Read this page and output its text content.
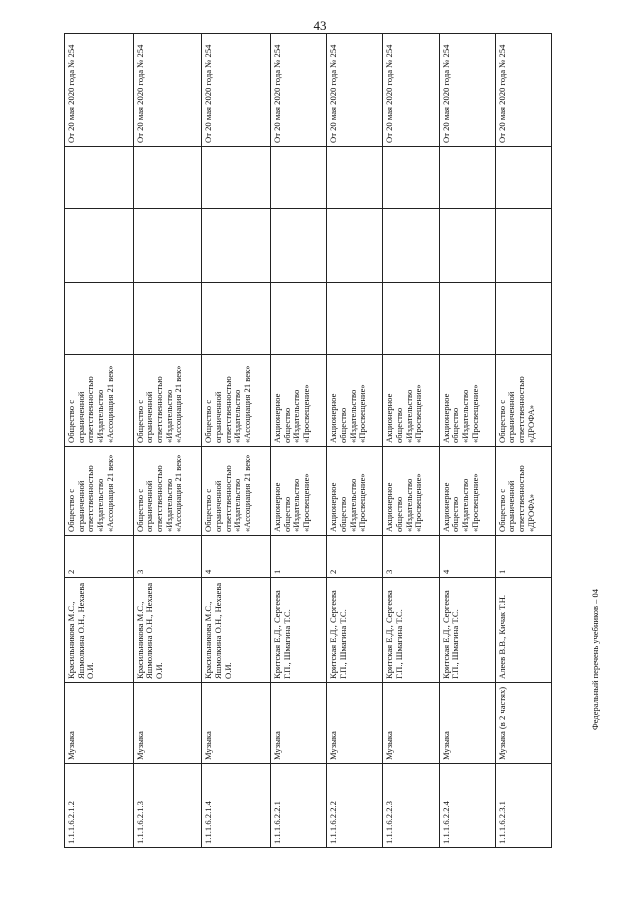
43
1.1.1.6.2.1.2	Музыка	Красильникова М.С., Яшмолкина О.Н., Нехаева О.И.	2	Общество с ограниченной ответственностью «Издательство «Ассоциация 21 век»	Общество с ограниченной ответственностью «Издательство «Ассоциация 21 век»				От 20 мая 2020 года № 254
1.1.1.6.2.1.3	Музыка	Красильникова М.С., Яшмолкина О.Н., Нехаева О.И.	3	Общество с ограниченной ответственностью «Издательство «Ассоциация 21 век»	Общество с ограниченной ответственностью «Издательство «Ассоциация 21 век»				От 20 мая 2020 года № 254
1.1.1.6.2.1.4	Музыка	Красильникова М.С., Яшмолкина О.Н., Нехаева О.И.	4	Общество с ограниченной ответственностью «Издательство «Ассоциация 21 век»	Общество с ограниченной ответственностью «Издательство «Ассоциация 21 век»				От 20 мая 2020 года № 254
1.1.1.6.2.2.1	Музыка	Критская Е.Д., Сергеева Г.П., Шмагина Т.С.	1	Акционерное общество «Издательство «Просвещение»	Акционерное общество «Издательство «Просвещение»				От 20 мая 2020 года № 254
1.1.1.6.2.2.2	Музыка	Критская Е.Д., Сергеева Г.П., Шмагина Т.С.	2	Акционерное общество «Издательство «Просвещение»	Акционерное общество «Издательство «Просвещение»				От 20 мая 2020 года № 254
1.1.1.6.2.2.3	Музыка	Критская Е.Д., Сергеева Г.П., Шмагина Т.С.	3	Акционерное общество «Издательство «Просвещение»	Акционерное общество «Издательство «Просвещение»				От 20 мая 2020 года № 254
1.1.1.6.2.2.4	Музыка	Критская Е.Д., Сергеева Г.П., Шмагина Т.С.	4	Акционерное общество «Издательство «Просвещение»	Акционерное общество «Издательство «Просвещение»				От 20 мая 2020 года № 254
1.1.1.6.2.3.1	Музыка (в 2 частях)	Алеев В.В., Кичак Т.Н.	1	Общество с ограниченной ответственностью «ДРОФА»	Общество с ограниченной ответственностью «ДРОФА»				От 20 мая 2020 года № 254
Федеральный перечень учебников – 04
